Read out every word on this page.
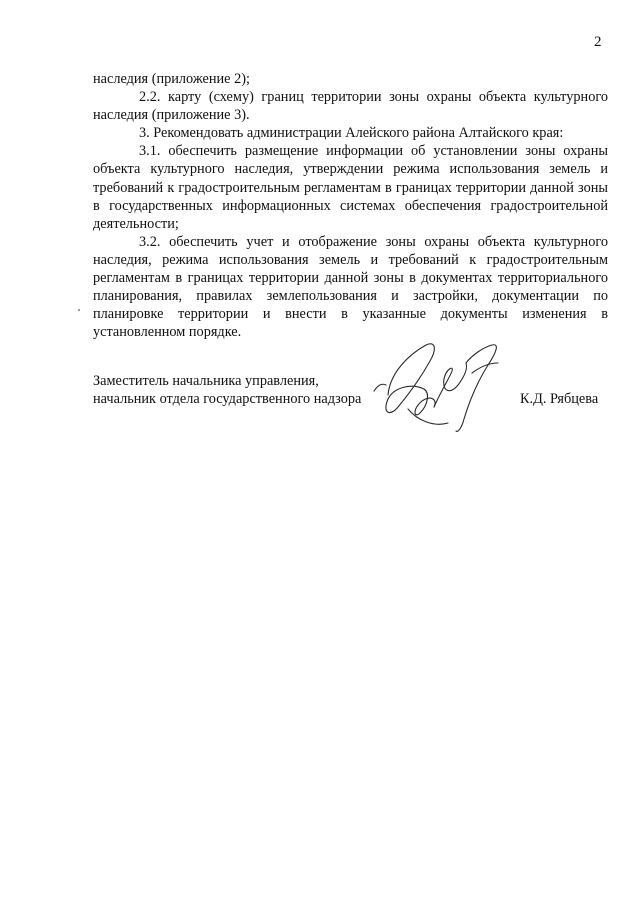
2

наследия (приложение 2);

2.2. карту (схему) границ территории зоны охраны объекта культурного наследия (приложение 3).

3. Рекомендовать администрации Алейского района Алтайского края:

3.1. обеспечить размещение информации об установлении зоны охраны объекта культурного наследия, утверждении режима использования земель и требований к градостроительным регламентам в границах территории данной зоны в государственных информационных системах обеспечения градостроительной деятельности;

3.2. обеспечить учет и отображение зоны охраны объекта культурного наследия, режима использования земель и требований к градостроительным регламентам в границах территории данной зоны в документах территориального планирования, правилах землепользования и застройки, документации по планировке территории и внести в указанные документы изменения в установленном порядке.

Заместитель начальника управления,
начальник отдела государственного надзора	К.Д. Рябцева
